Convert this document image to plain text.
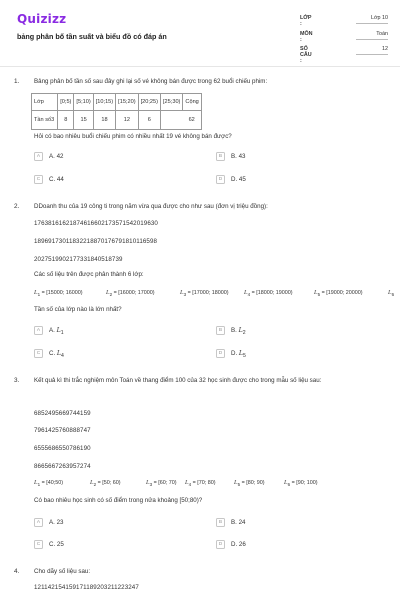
Quizizz
bảng phân bố tần suất và biểu đồ có đáp án
LỚP :
Lớp 10
MÔN :
Toán
SỐ CÂU :
12
1. Bảng phân bố tần số sau đây ghi lại số vé không bán được trong 62 buổi chiếu phim:
Lớp	[0;5)	[5;10)	[10;15)	[15;20)	[20;25)	[25;30)	Cộng
Tần số3	8	15	18	12	6	62	
Hỏi có bao nhiêu buổi chiếu phim có nhiều nhất 19 vé không bán được?
A	A. 42	B	B. 43
C	C. 44	D	D. 45
2. DDoanh thu của 19 công ti trong năm vừa qua được cho như sau (đơn vị triệu đồng):
176381616218746166021735715420196​30
189691730118322188701767918101165​98
202751990217733184051873​9
Các số liệu trên được phân thành 6 lớp:
$L_1 = [15000$; 16000)	$L_2 = [16000$; 17000)	$L_3 = [17000$; 18000)	$L_4 = [18000$; 19000)	$L_5 = [19000$; 20000)	$L_6$
Tần số của lớp nào là lớn nhất?
A	A. $L_1$	B	B. $L_2$
C	C. $L_4$	D	D. $L_5$
3. Kết quả kì thi trắc nghiệm môn Toán về thang điểm 100 của 32 học sinh được cho trong mẫu số liệu sau:
6852495669744159
7961425760888747
6555686550786190
8665667263957274
$L_1$ = [40;50)	$L_2 = [50$; 60)	$L_3 = [60$; 70) $L_4 = [70$; 80)	$L_5 = [80$; 90)	$L_6 = [90$; 100)
Có bao nhiêu học sinh có số điểm trong nửa khoảng [50;80)?
A	A. 23	B	B. 24
C	C. 25	D	D. 26
4. Cho dãy số liệu sau:
121142154159171189203211223247
